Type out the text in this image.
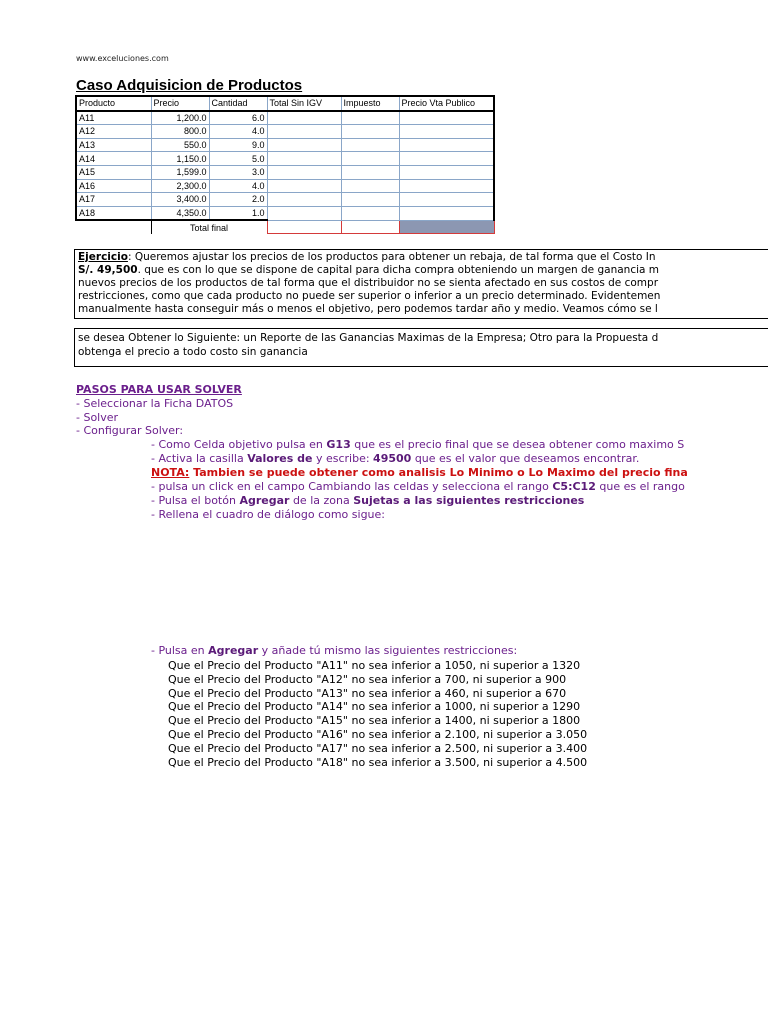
www.exceluciones.com
Caso Adquisicion de Productos
Producto	Precio	Cantidad	Total Sin IGV	Impuesto	Precio Vta Publico
A11	1,200.0	6.0			
A12	800.0	4.0			
A13	550.0	9.0			
A14	1,150.0	5.0			
A15	1,599.0	3.0			
A16	2,300.0	4.0			
A17	3,400.0	2.0			
A18	4,350.0	1.0			
	Total final				
Ejercicio: Queremos ajustar los precios de los productos para obtener un rebaja, de tal forma que el Costo In
S/. 49,500. que es con lo que se dispone de capital para dicha compra obteniendo un margen de ganancia m
nuevos precios de los productos de tal forma que el distribuidor no se sienta afectado en sus costos de compr
restricciones, como que cada producto no puede ser superior o inferior a un precio determinado. Evidentemen
manualmente hasta conseguir más o menos el objetivo, pero podemos tardar año y medio. Veamos cómo se l
se desea Obtener lo Siguiente: un Reporte de las Ganancias Maximas de la Empresa; Otro para la Propuesta d
obtenga el precio a todo costo sin ganancia
PASOS PARA USAR SOLVER
- Seleccionar la Ficha DATOS
- Solver
- Configurar Solver:
- Como Celda objetivo pulsa en G13 que es el precio final que se desea obtener como maximo S
- Activa la casilla Valores de y escribe: 49500 que es el valor que deseamos encontrar.
NOTA: Tambien se puede obtener como analisis Lo Minimo o Lo Maximo del precio fina
- pulsa un click en el campo Cambiando las celdas y selecciona el rango C5:C12 que es el rango
- Pulsa el botón Agregar de la zona Sujetas a las siguientes restricciones
- Rellena el cuadro de diálogo como sigue:
- Pulsa en Agregar y añade tú mismo las siguientes restricciones:
Que el Precio del Producto "A11" no sea inferior a 1050, ni superior a 1320
Que el Precio del Producto "A12" no sea inferior a 700, ni superior a 900
Que el Precio del Producto "A13" no sea inferior a 460, ni superior a 670
Que el Precio del Producto "A14" no sea inferior a 1000, ni superior a 1290
Que el Precio del Producto "A15" no sea inferior a 1400, ni superior a 1800
Que el Precio del Producto "A16" no sea inferior a 2.100, ni superior a 3.050
Que el Precio del Producto "A17" no sea inferior a 2.500, ni superior a 3.400
Que el Precio del Producto "A18" no sea inferior a 3.500, ni superior a 4.500
